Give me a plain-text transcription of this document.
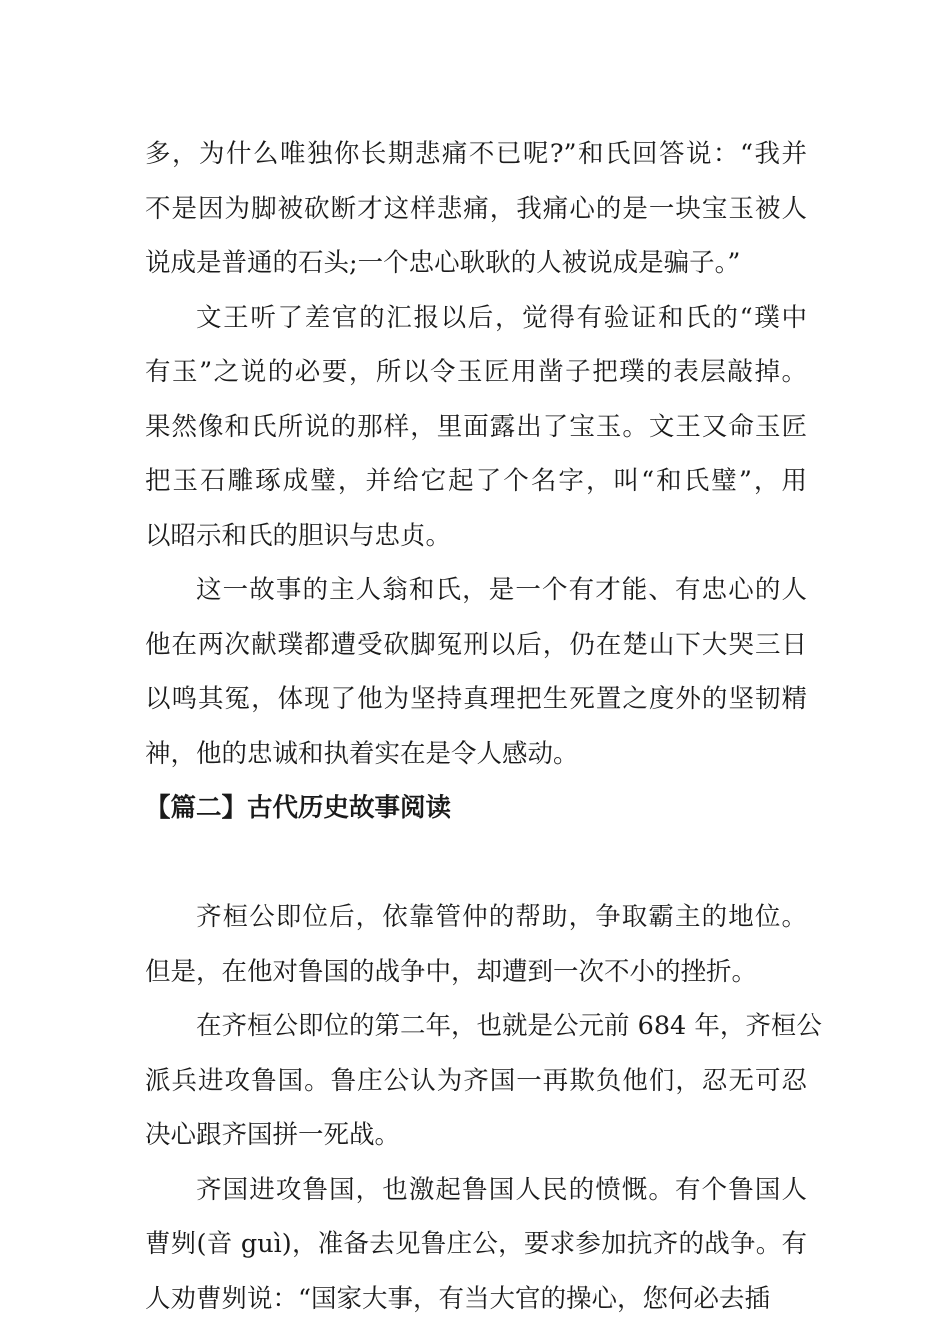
多，为什么唯独你长期悲痛不已呢?”和氏回答说：“我并
不是因为脚被砍断才这样悲痛，我痛心的是一块宝玉被人
说成是普通的石头;一个忠心耿耿的人被说成是骗子。”
文王听了差官的汇报以后，觉得有验证和氏的“璞中
有玉”之说的必要，所以令玉匠用凿子把璞的表层敲掉。
果然像和氏所说的那样，里面露出了宝玉。文王又命玉匠
把玉石雕琢成璧，并给它起了个名字，叫“和氏璧”，用
以昭示和氏的胆识与忠贞。
这一故事的主人翁和氏，是一个有才能、有忠心的人
他在两次献璞都遭受砍脚冤刑以后，仍在楚山下大哭三日
以鸣其冤，体现了他为坚持真理把生死置之度外的坚韧精
神，他的忠诚和执着实在是令人感动。
【篇二】古代历史故事阅读
齐桓公即位后，依靠管仲的帮助，争取霸主的地位。
但是，在他对鲁国的战争中，却遭到一次不小的挫折。
在齐桓公即位的第二年，也就是公元前 684 年，齐桓公
派兵进攻鲁国。鲁庄公认为齐国一再欺负他们，忍无可忍
决心跟齐国拼一死战。
齐国进攻鲁国，也激起鲁国人民的愤慨。有个鲁国人
曹刿(音 guì)，准备去见鲁庄公，要求参加抗齐的战争。有
人劝曹刿说：“国家大事，有当大官的操心，您何必去插
